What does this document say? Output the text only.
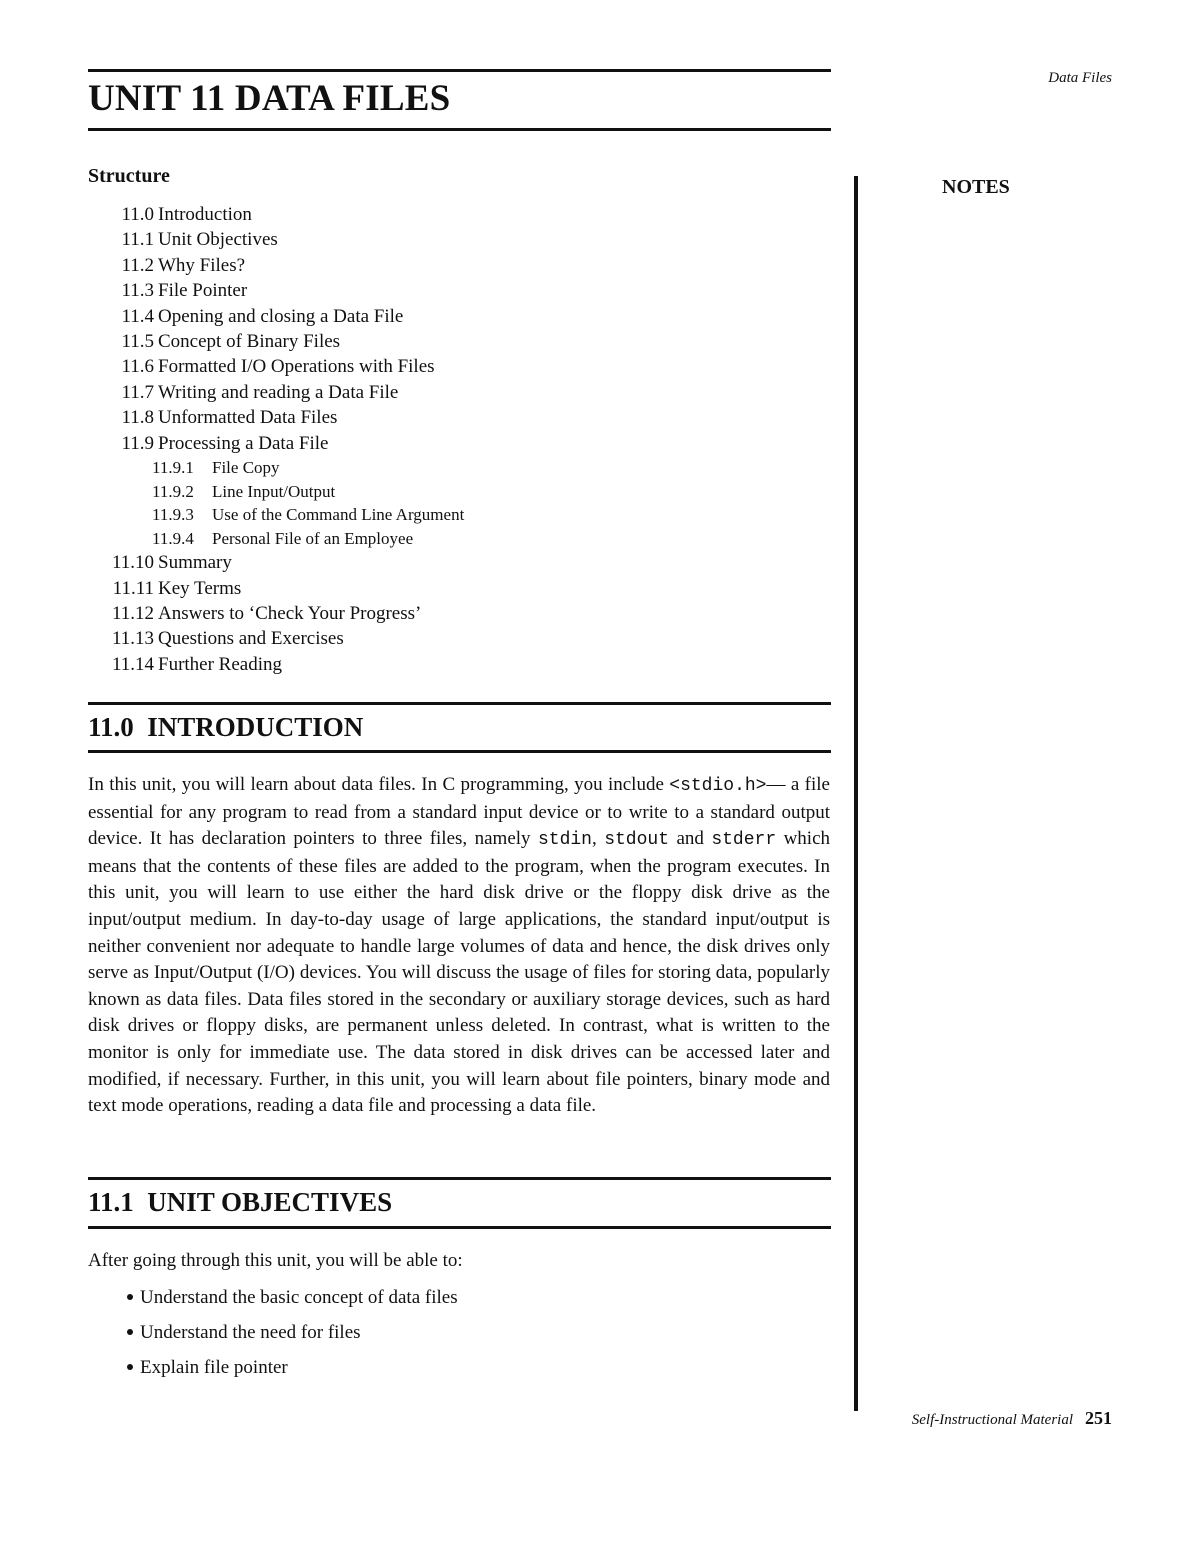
Data Files
UNIT 11 DATA FILES
Structure
11.0 Introduction
11.1 Unit Objectives
11.2 Why Files?
11.3 File Pointer
11.4 Opening and closing a Data File
11.5 Concept of Binary Files
11.6 Formatted I/O Operations with Files
11.7 Writing and reading a Data File
11.8 Unformatted Data Files
11.9 Processing a Data File
11.9.1 File Copy
11.9.2 Line Input/Output
11.9.3 Use of the Command Line Argument
11.9.4 Personal File of an Employee
11.10 Summary
11.11 Key Terms
11.12 Answers to ‘Check Your Progress’
11.13 Questions and Exercises
11.14 Further Reading
11.0  INTRODUCTION

In this unit, you will learn about data files. In C programming, you include <stdio.h>— a file essential for any program to read from a standard input device or to write to a standard output device. It has declaration pointers to three files, namely stdin, stdout and stderr which means that the contents of these files are added to the program, when the program executes. In this unit, you will learn to use either the hard disk drive or the floppy disk drive as the input/output medium. In day-to-day usage of large applications, the standard input/output is neither convenient nor adequate to handle large volumes of data and hence, the disk drives only serve as Input/Output (I/O) devices. You will discuss the usage of files for storing data, popularly known as data files. Data files stored in the secondary or auxiliary storage devices, such as hard disk drives or floppy disks, are permanent unless deleted. In contrast, what is written to the monitor is only for immediate use. The data stored in disk drives can be accessed later and modified, if necessary. Further, in this unit, you will learn about file pointers, binary mode and text mode operations, reading a data file and processing a data file.

11.1  UNIT OBJECTIVES

After going through this unit, you will be able to:

Understand the basic concept of data files
Understand the need for files
Explain file pointer
NOTES
Self-Instructional Material 251
